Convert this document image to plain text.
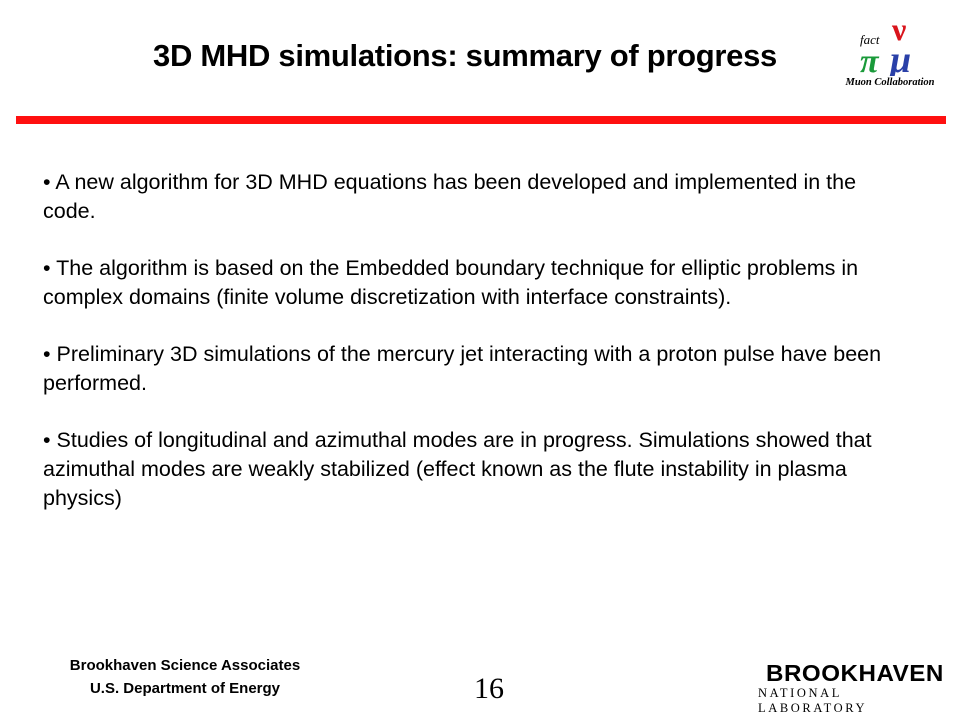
3D MHD simulations: summary of progress	fact ν
π μ
Muon Collaboration

• A new algorithm for 3D MHD equations has been developed and implemented in the code.

• The algorithm is based on the Embedded boundary technique for elliptic problems in complex domains (finite volume discretization with interface constraints).

• Preliminary 3D simulations of the mercury jet interacting with a proton pulse have been performed.

• Studies of longitudinal and azimuthal modes are in progress. Simulations showed that azimuthal modes are weakly stabilized (effect known as the flute instability in plasma physics)

Brookhaven Science Associates
U.S. Department of Energy	16	BROOKHAVEN
NATIONAL LABORATORY
